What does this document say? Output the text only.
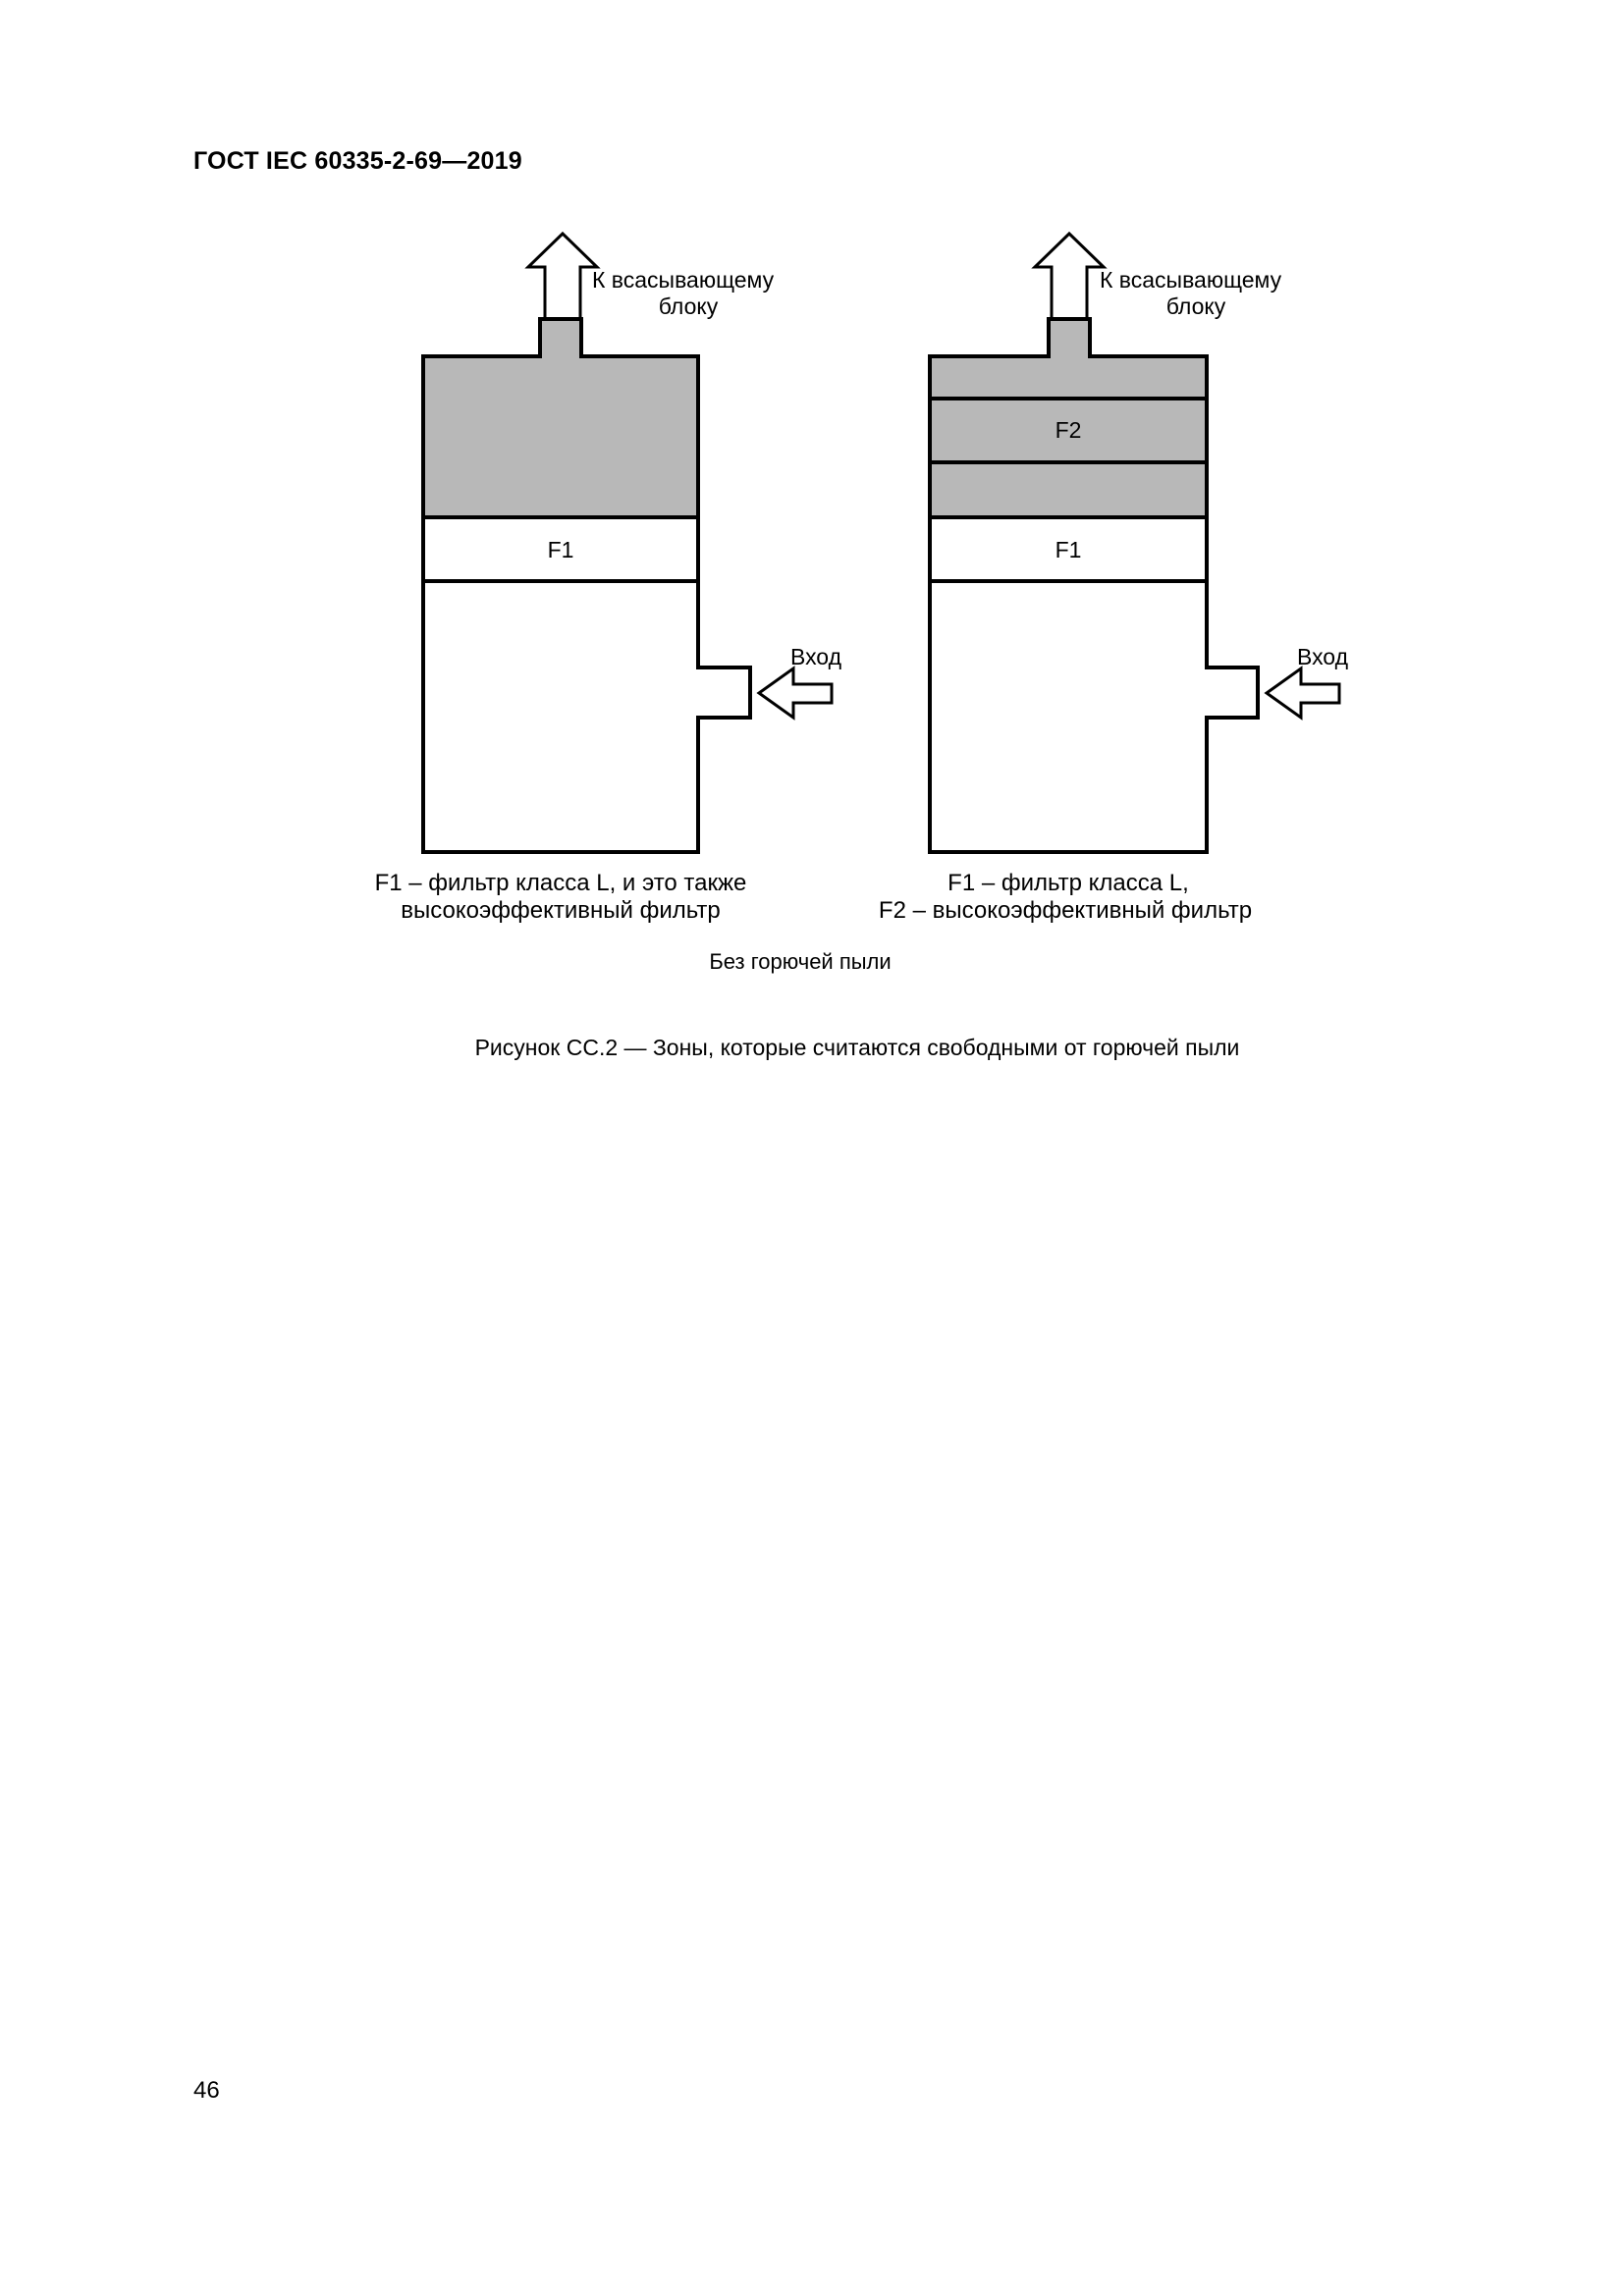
ГОСТ IEC 60335-2-69—2019
К всасывающему
блоку
F1
Вход
F1 – фильтр класса L, и это также
высокоэффективный фильтр
К всасывающему
блоку
F2
F1
Вход
F1 – фильтр класса L,
F2 – высокоэффективный фильтр
Без горючей пыли
Рисунок СС.2 — Зоны, которые считаются свободными от горючей пыли
46
